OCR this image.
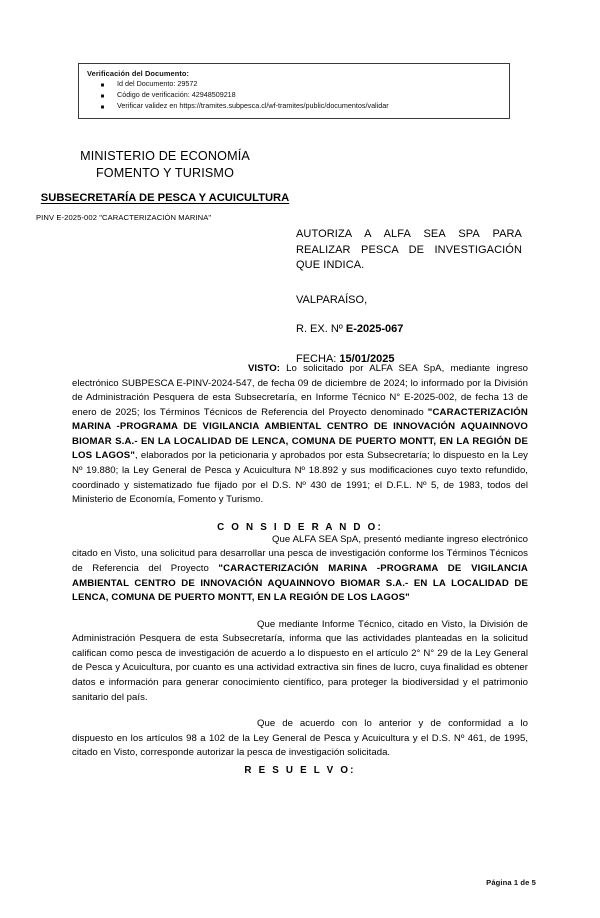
Verificación del Documento:
Id del Documento: 29572
Código de verificación: 42948509218
Verificar validez en https://tramites.subpesca.cl/wf-tramites/public/documentos/validar
MINISTERIO DE ECONOMÍA
FOMENTO Y TURISMO
SUBSECRETARÍA DE PESCA Y ACUICULTURA
PINV E-2025-002 "CARACTERIZACIÓN MARINA"
AUTORIZA A ALFA SEA SPA PARA REALIZAR PESCA DE INVESTIGACIÓN QUE INDICA.
VALPARAÍSO,
R. EX. Nº E-2025-067
FECHA: 15/01/2025

VISTO: Lo solicitado por ALFA SEA SpA, mediante ingreso electrónico SUBPESCA E-PINV-2024-547, de fecha 09 de diciembre de 2024; lo informado por la División de Administración Pesquera de esta Subsecretaría, en Informe Técnico N° E-2025-002, de fecha 13 de enero de 2025; los Términos Técnicos de Referencia del Proyecto denominado "CARACTERIZACIÓN MARINA -PROGRAMA DE VIGILANCIA AMBIENTAL CENTRO DE INNOVACIÓN AQUAINNOVO BIOMAR S.A.- EN LA LOCALIDAD DE LENCA, COMUNA DE PUERTO MONTT, EN LA REGIÓN DE LOS LAGOS", elaborados por la peticionaria y aprobados por esta Subsecretaría; lo dispuesto en la Ley Nº 19.880; la Ley General de Pesca y Acuicultura Nº 18.892 y sus modificaciones cuyo texto refundido, coordinado y sistematizado fue fijado por el D.S. Nº 430 de 1991; el D.F.L. Nº 5, de 1983, todos del Ministerio de Economía, Fomento y Turismo.

C O N S I D E R A N D O:

Que ALFA SEA SpA, presentó mediante ingreso electrónico citado en Visto, una solicitud para desarrollar una pesca de investigación conforme los Términos Técnicos de Referencia del Proyecto "CARACTERIZACIÓN MARINA -PROGRAMA DE VIGILANCIA AMBIENTAL CENTRO DE INNOVACIÓN AQUAINNOVO BIOMAR S.A.- EN LA LOCALIDAD DE LENCA, COMUNA DE PUERTO MONTT, EN LA REGIÓN DE LOS LAGOS"

Que mediante Informe Técnico, citado en Visto, la División de Administración Pesquera de esta Subsecretaría, informa que las actividades planteadas en la solicitud califican como pesca de investigación de acuerdo a lo dispuesto en el artículo 2° N° 29 de la Ley General de Pesca y Acuicultura, por cuanto es una actividad extractiva sin fines de lucro, cuya finalidad es obtener datos e información para generar conocimiento científico, para proteger la biodiversidad y el patrimonio sanitario del país.

Que de acuerdo con lo anterior y de conformidad a lo dispuesto en los artículos 98 a 102 de la Ley General de Pesca y Acuicultura y el D.S. Nº 461, de 1995, citado en Visto, corresponde autorizar la pesca de investigación solicitada.

R E S U E L V O:

Página 1 de 5
